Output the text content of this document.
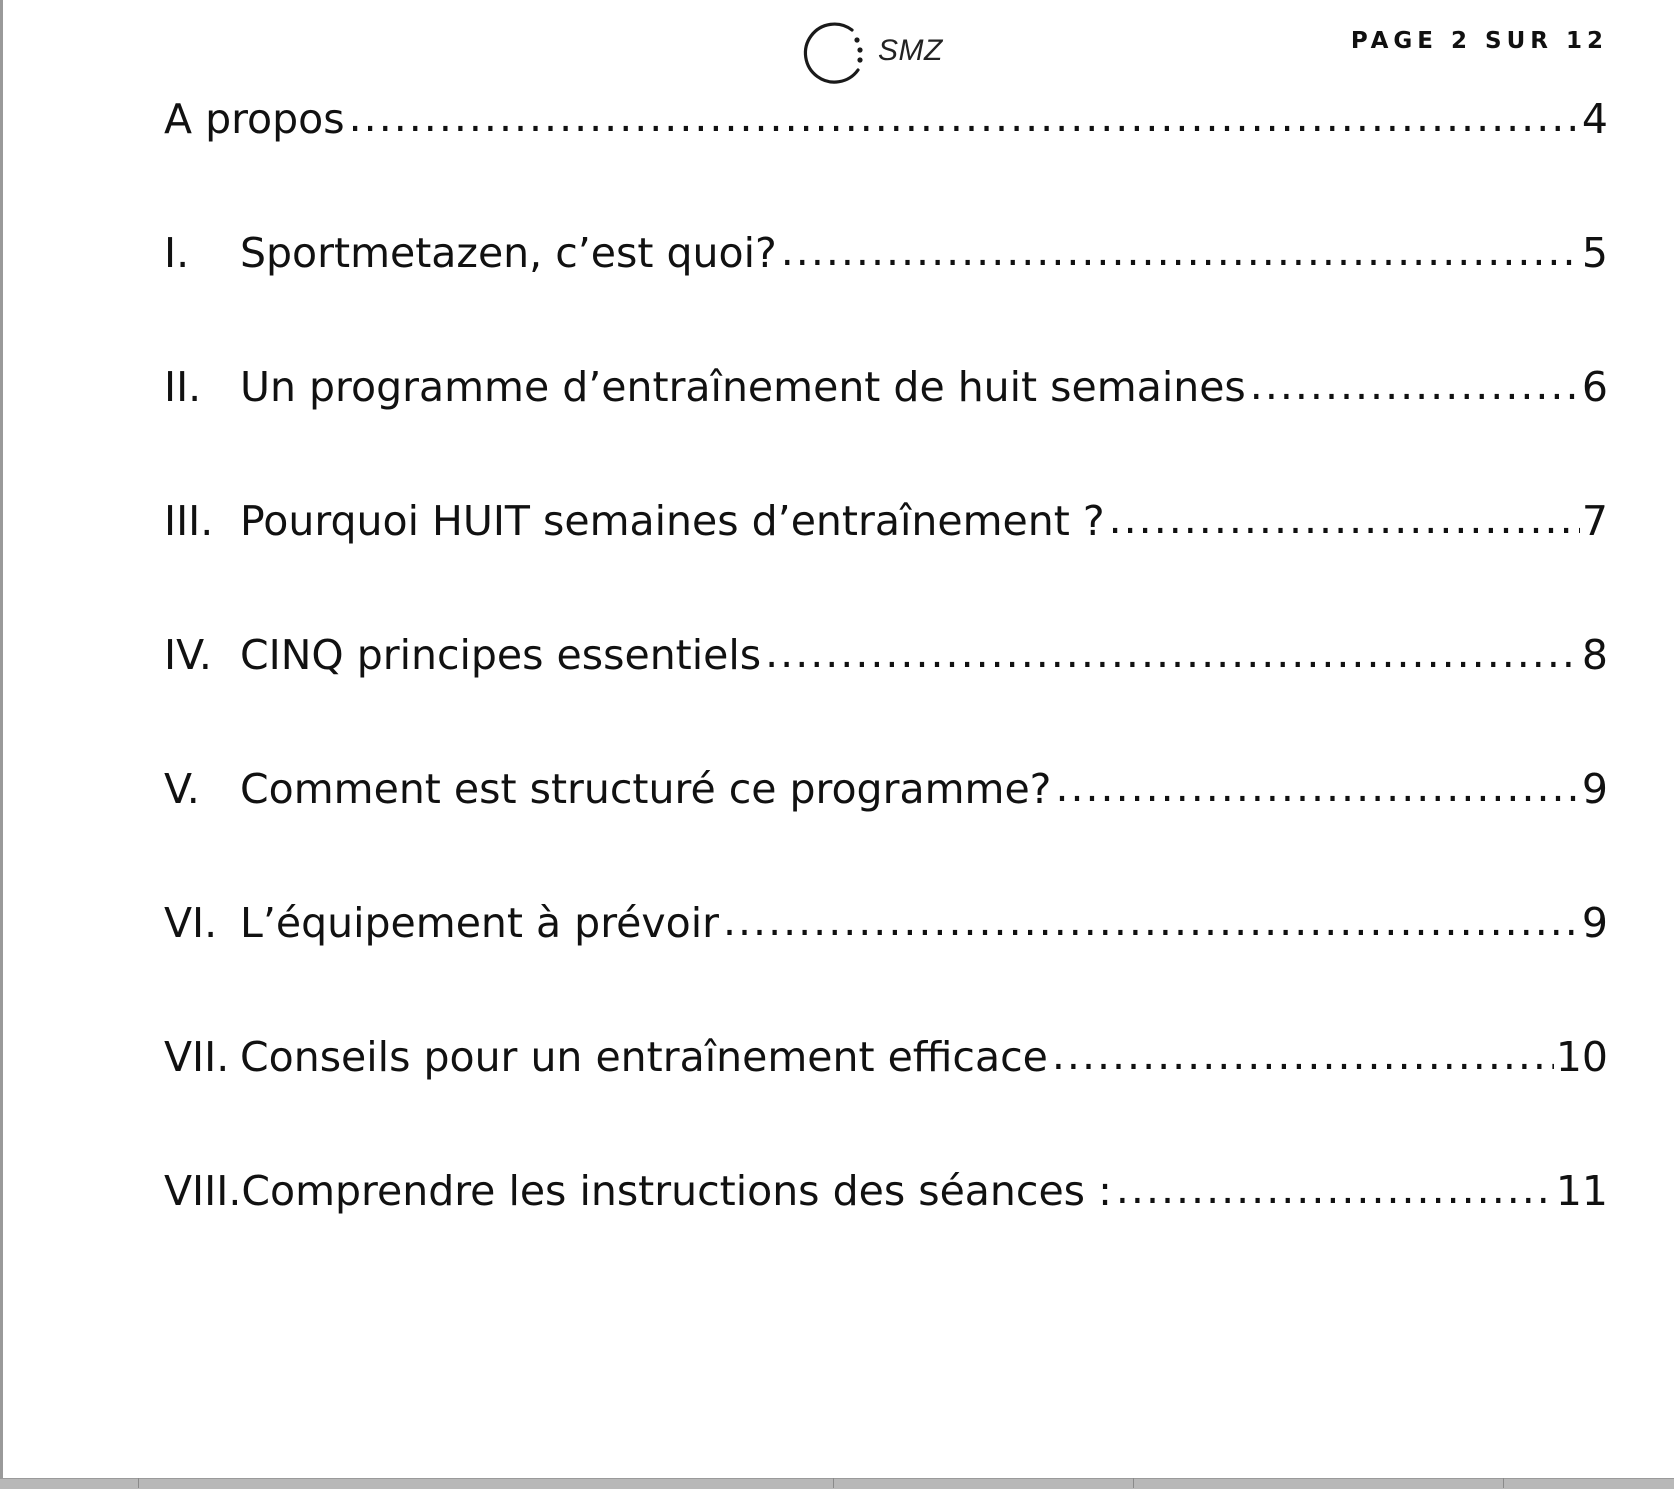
SMZ	PAGE 2 SUR 12
A propos .....	4
I.	Sportmetazen, c’est quoi? .....	5
II. Un programme d’entraînement de huit semaines .....	6
III. Pourquoi HUIT semaines d’entraînement ? .....	7
IV. CINQ principes essentiels .....	8
V. Comment est structuré ce programme? .....	9
VI. L’équipement à prévoir .....	9
VII. Conseils pour un entraînement efficace .....	10
VIII. Comprendre les instructions des séances : .....	11
